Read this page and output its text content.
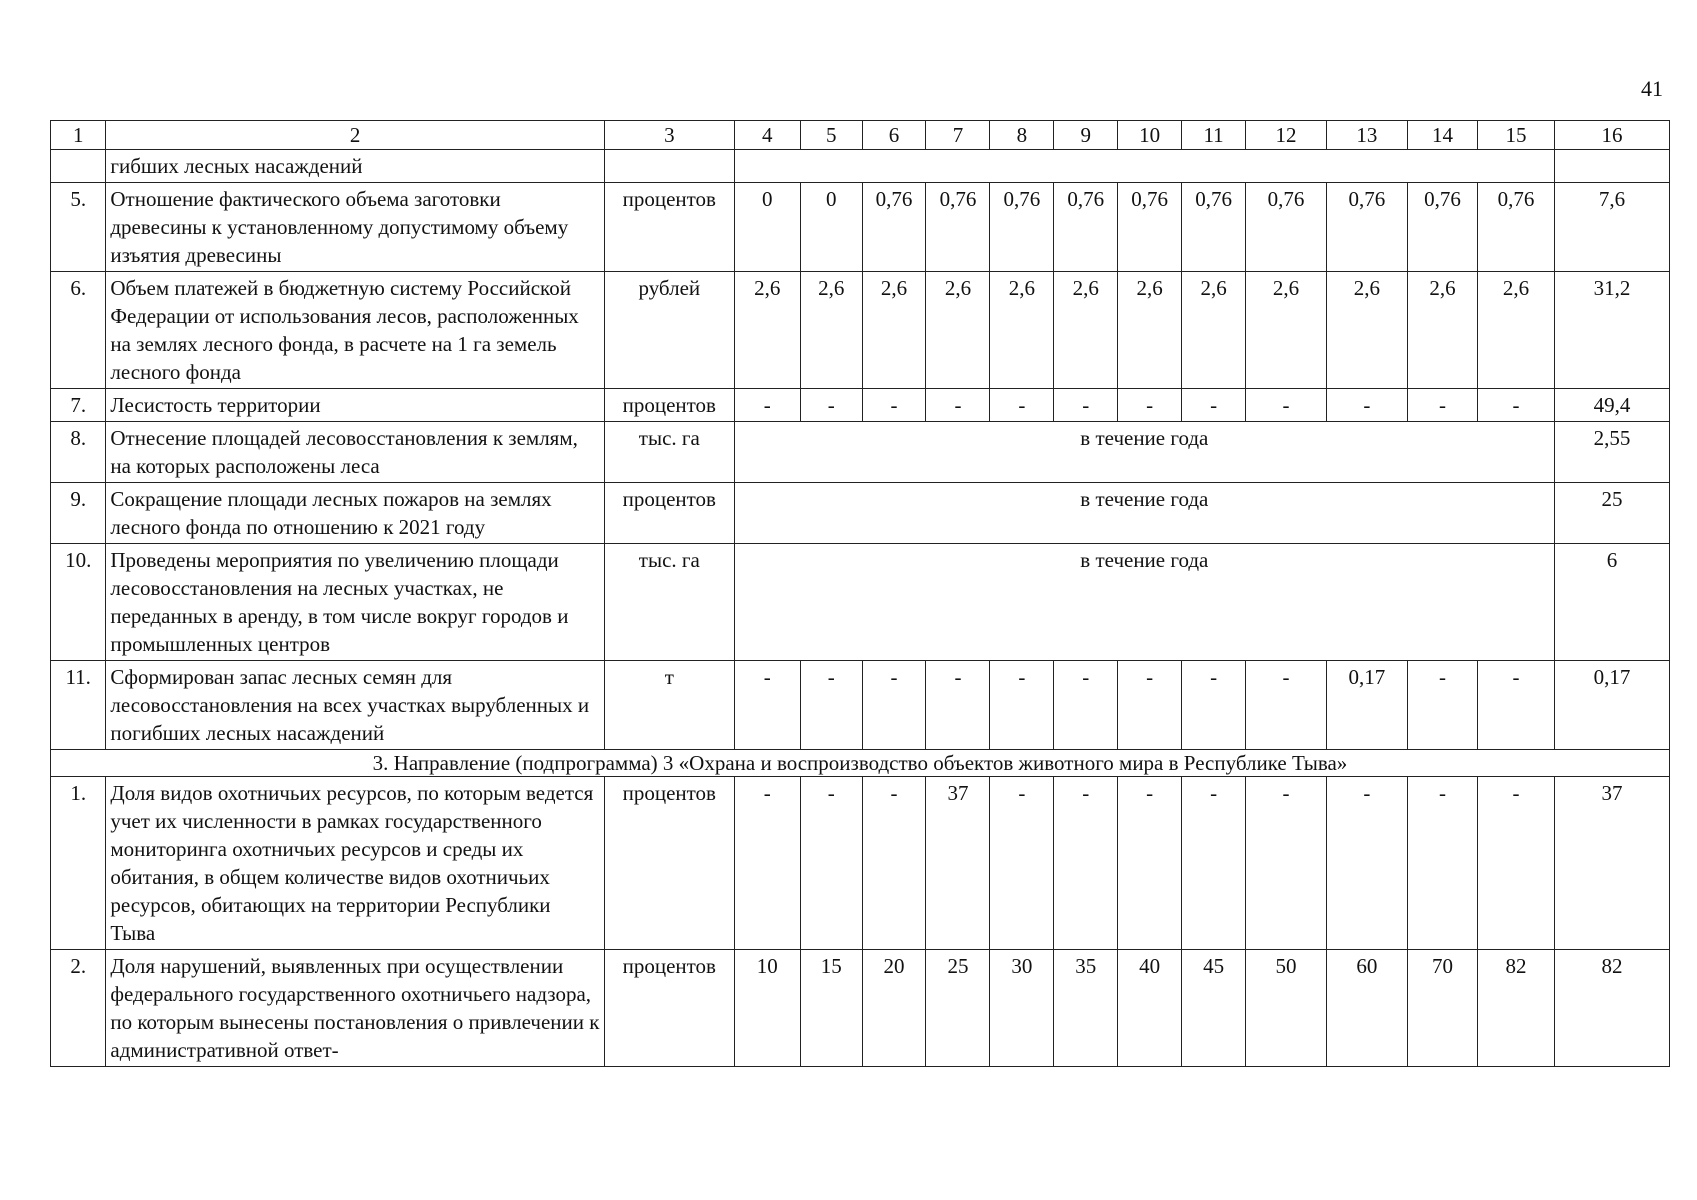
41
1	2	3	4	5	6	7	8	9	10	11	12	13	14	15	16
	гибших лесных насаждений														
5.	Отношение фактического объема заготовки древесины к установленному допустимому объему изъятия древесины	процентов	0	0	0,76	0,76	0,76	0,76	0,76	0,76	0,76	0,76	0,76	0,76	7,6
6.	Объем платежей в бюджетную систему Российской Федерации от использования лесов, расположенных на землях лесного фонда, в расчете на 1 га земель лесного фонда	рублей	2,6	2,6	2,6	2,6	2,6	2,6	2,6	2,6	2,6	2,6	2,6	2,6	31,2
7.	Лесистость территории	процентов	-	-	-	-	-	-	-	-	-	-	-	-	49,4
8.	Отнесение площадей лесовосстановления к землям, на которых расположены леса	тыс. га	в течение года												2,55
9.	Сокращение площади лесных пожаров на землях лесного фонда по отношению к 2021 году	процентов	в течение года												25
10.	Проведены мероприятия по увеличению площади лесовосстановления на лесных участках, не переданных в аренду, в том числе вокруг городов и промышленных центров	тыс. га	в течение года												6
11.	Сформирован запас лесных семян для лесовосстановления на всех участках вырубленных и погибших лесных насаждений	т	-	-	-	-	-	-	-	-	-	0,17	-	-	0,17
3. Направление (подпрограмма) 3 «Охрана и воспроизводство объектов животного мира в Республике Тыва»															
1.	Доля видов охотничьих ресурсов, по которым ведется учет их численности в рамках государственного мониторинга охотничьих ресурсов и среды их обитания, в общем количестве видов охотничьих ресурсов, обитающих на территории Республики Тыва	процентов	-	-	-	37	-	-	-	-	-	-	-	-	37
2.	Доля нарушений, выявленных при осуществлении федерального государственного охотничьего надзора, по которым вынесены постановления о привлечении к административной ответ-	процентов	10	15	20	25	30	35	40	45	50	60	70	82	82
